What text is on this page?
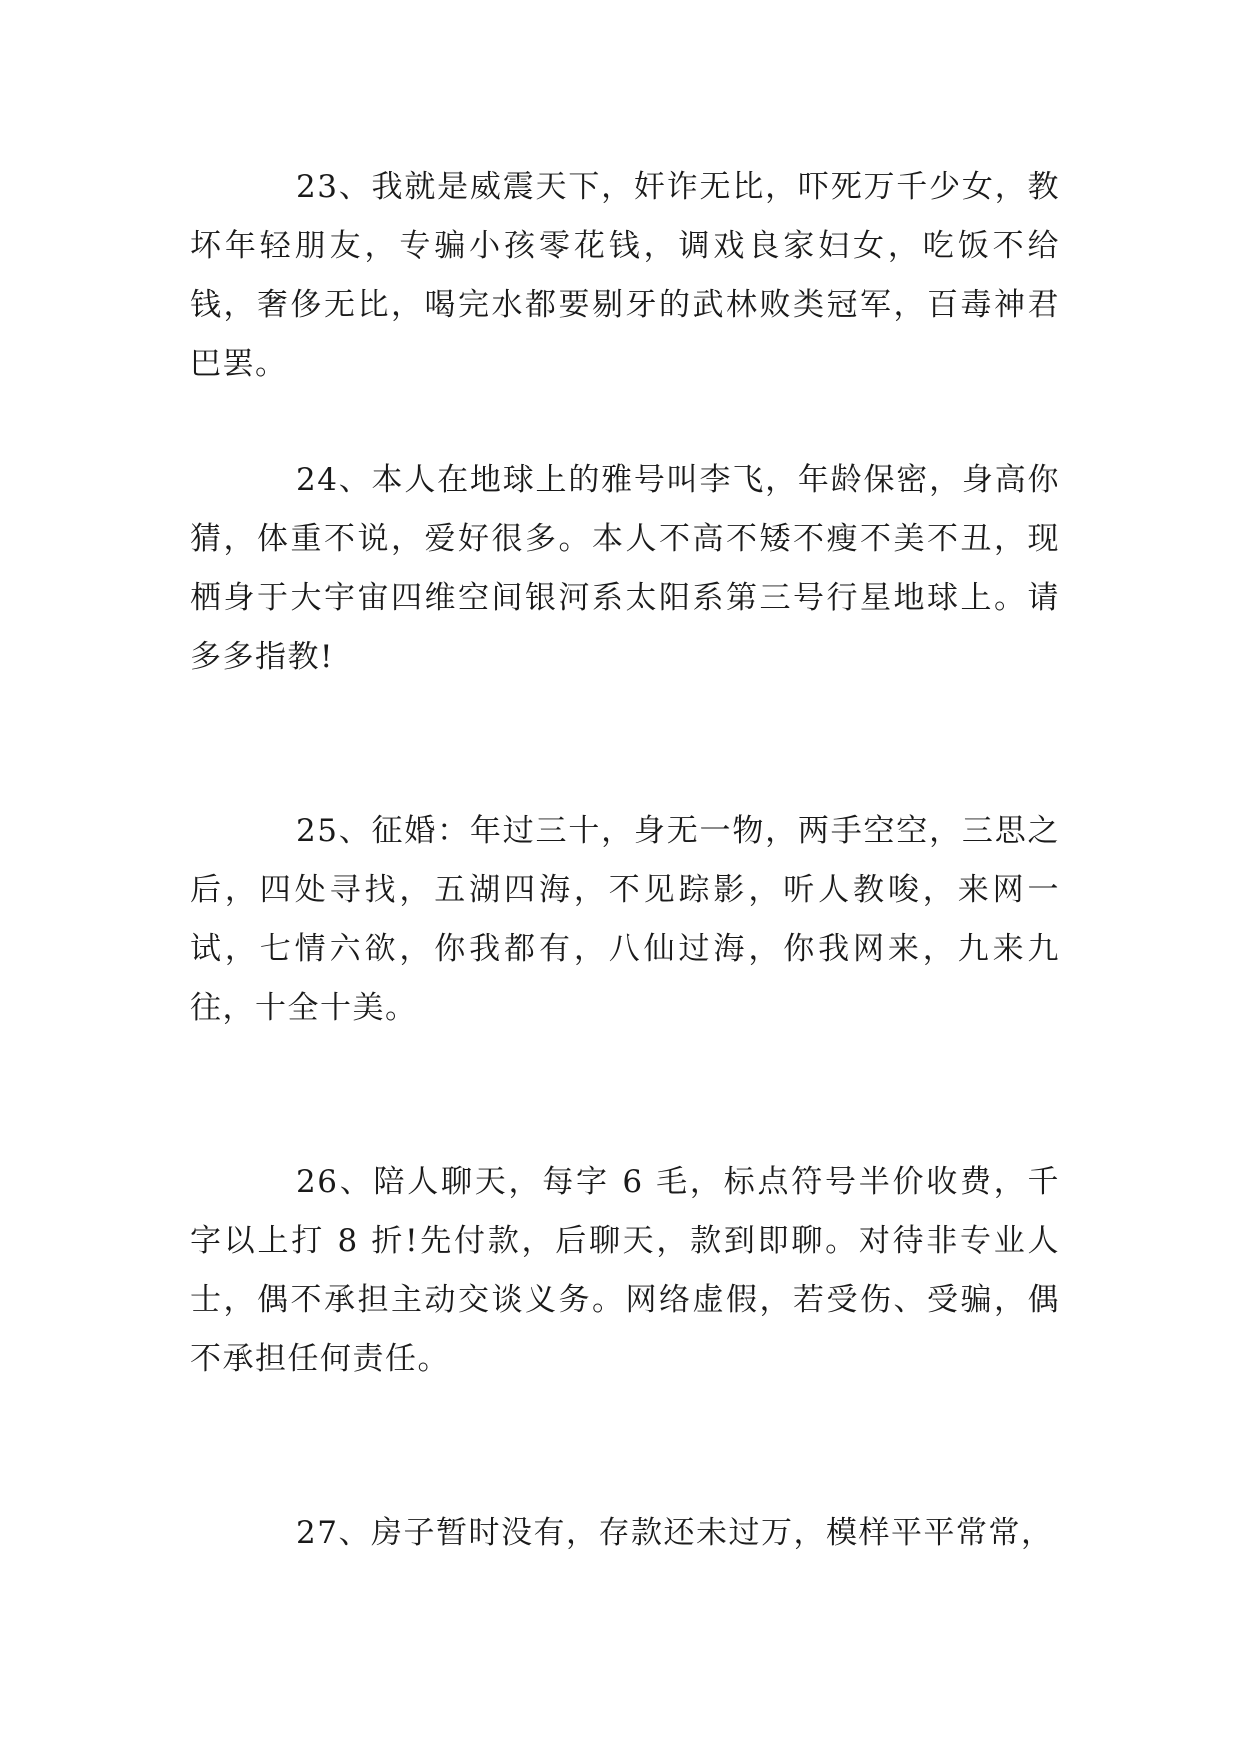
23、我就是威震天下，奸诈无比，吓死万千少女，教坏年轻朋友，专骗小孩零花钱，调戏良家妇女，吃饭不给钱，奢侈无比，喝完水都要剔牙的武林败类冠军，百毒神君巴罢。

24、本人在地球上的雅号叫李飞，年龄保密，身高你猜，体重不说，爱好很多。本人不高不矮不瘦不美不丑，现栖身于大宇宙四维空间银河系太阳系第三号行星地球上。请多多指教!

25、征婚：年过三十，身无一物，两手空空，三思之后，四处寻找，五湖四海，不见踪影，听人教唆，来网一试，七情六欲，你我都有，八仙过海，你我网来，九来九往，十全十美。

26、陪人聊天，每字 6 毛，标点符号半价收费，千字以上打 8 折!先付款，后聊天，款到即聊。对待非专业人士，偶不承担主动交谈义务。网络虚假，若受伤、受骗，偶不承担任何责任。

27、房子暂时没有，存款还未过万，模样平平常常，
